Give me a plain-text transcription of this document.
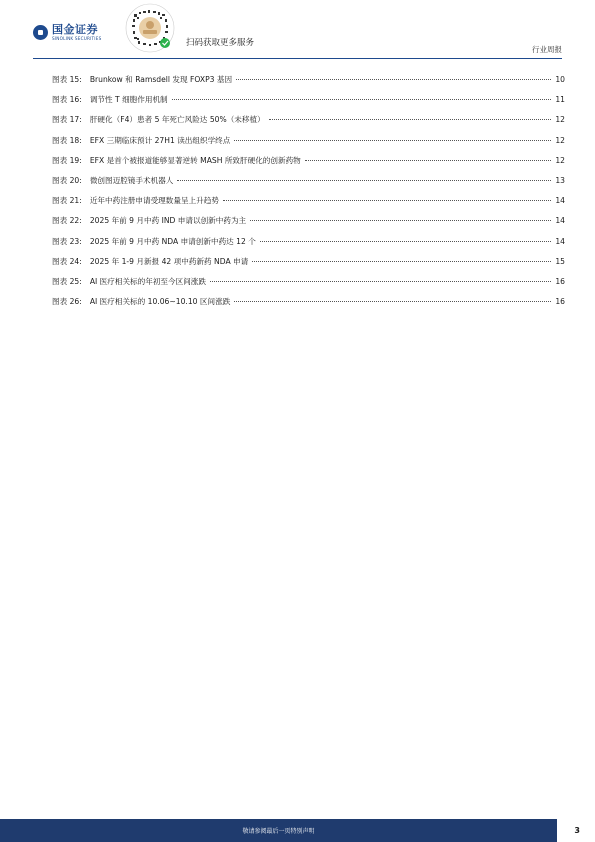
国金证券
SINOLINK SECURITIES	扫码获取更多服务
行业周报
图表 15: Brunkow 和 Ramsdell 发现 FOXP3 基因	10
图表 16: 调节性 T 细胞作用机制	11
图表 17: 肝硬化（F4）患者 5 年死亡风险达 50%（未移植）	12
图表 18: EFX 三期临床预计 27H1 读出组织学终点	12
图表 19: EFX 是首个被报道能够显著逆转 MASH 所致肝硬化的创新药物	12
图表 20: 微创图迈腔镜手术机器人	13
图表 21: 近年中药注册申请受理数量呈上升趋势	14
图表 22: 2025 年前 9 月中药 IND 申请以创新中药为主	14
图表 23: 2025 年前 9 月中药 NDA 申请创新中药达 12 个	14
图表 24: 2025 年 1-9 月新报 42 项中药新药 NDA 申请	15
图表 25: AI 医疗相关标的年初至今区间涨跌	16
图表 26: AI 医疗相关标的 10.06~10.10 区间涨跌	16
敬请参阅最后一页特别声明	3
